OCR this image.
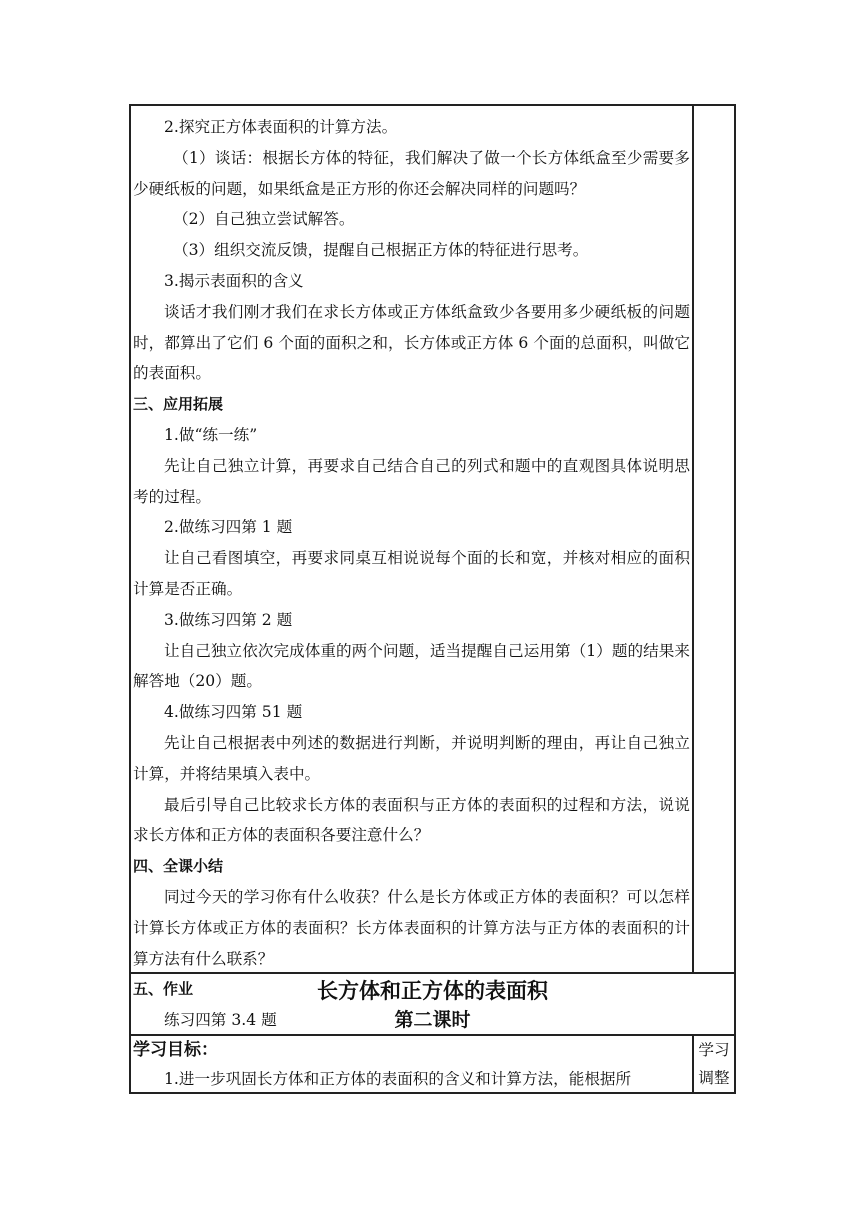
2.探究正方体表面积的计算方法。

（1）谈话：根据长方体的特征，我们解决了做一个长方体纸盒至少需要多少硬纸板的问题，如果纸盒是正方形的你还会解决同样的问题吗？

（2）自己独立尝试解答。

（3）组织交流反馈，提醒自己根据正方体的特征进行思考。

3.揭示表面积的含义

谈话才我们刚才我们在求长方体或正方体纸盒致少各要用多少硬纸板的问题时，都算出了它们 6 个面的面积之和，长方体或正方体 6 个面的总面积，叫做它的表面积。

三、应用拓展

1.做“练一练”

先让自己独立计算，再要求自己结合自己的列式和题中的直观图具体说明思考的过程。

2.做练习四第 1 题

让自己看图填空，再要求同桌互相说说每个面的长和宽，并核对相应的面积计算是否正确。

3.做练习四第 2 题

让自己独立依次完成体重的两个问题，适当提醒自己运用第（1）题的结果来解答地（20）题。

4.做练习四第 51 题

先让自己根据表中列述的数据进行判断，并说明判断的理由，再让自己独立计算，并将结果填入表中。

最后引导自己比较求长方体的表面积与正方体的表面积的过程和方法，说说求长方体和正方体的表面积各要注意什么？

四、全课小结

同过今天的学习你有什么收获？什么是长方体或正方体的表面积？可以怎样计算长方体或正方体的表面积？长方体表面积的计算方法与正方体的表面积的计算方法有什么联系？

五、作业

练习四第 3.4 题

长方体和正方体的表面积
第二课时
学习目标：

1.进一步巩固长方体和正方体的表面积的含义和计算方法，能根据所

学习
调整
